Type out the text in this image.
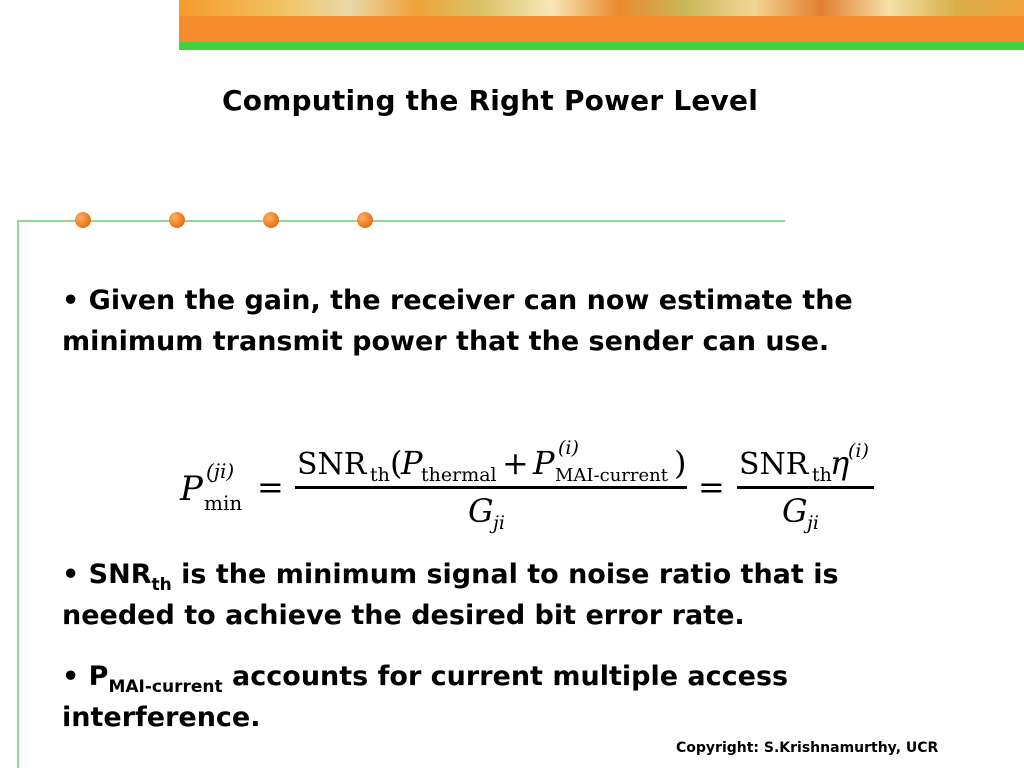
Computing the Right Power Level
• Given the gain, the receiver can now estimate the minimum transmit power that the sender can use.
P (ji)
min =
SNR th (
P
thermal + P (i)
MAI-current )
G ji
=
SNR th
η
(i)
G ji
• $SNR_{th}$ is the minimum signal to noise ratio that is needed to achieve the desired bit error rate.
• $P_{MAI-current}$ accounts for current multiple access interference.
Copyright: S.Krishnamurthy, UCR
